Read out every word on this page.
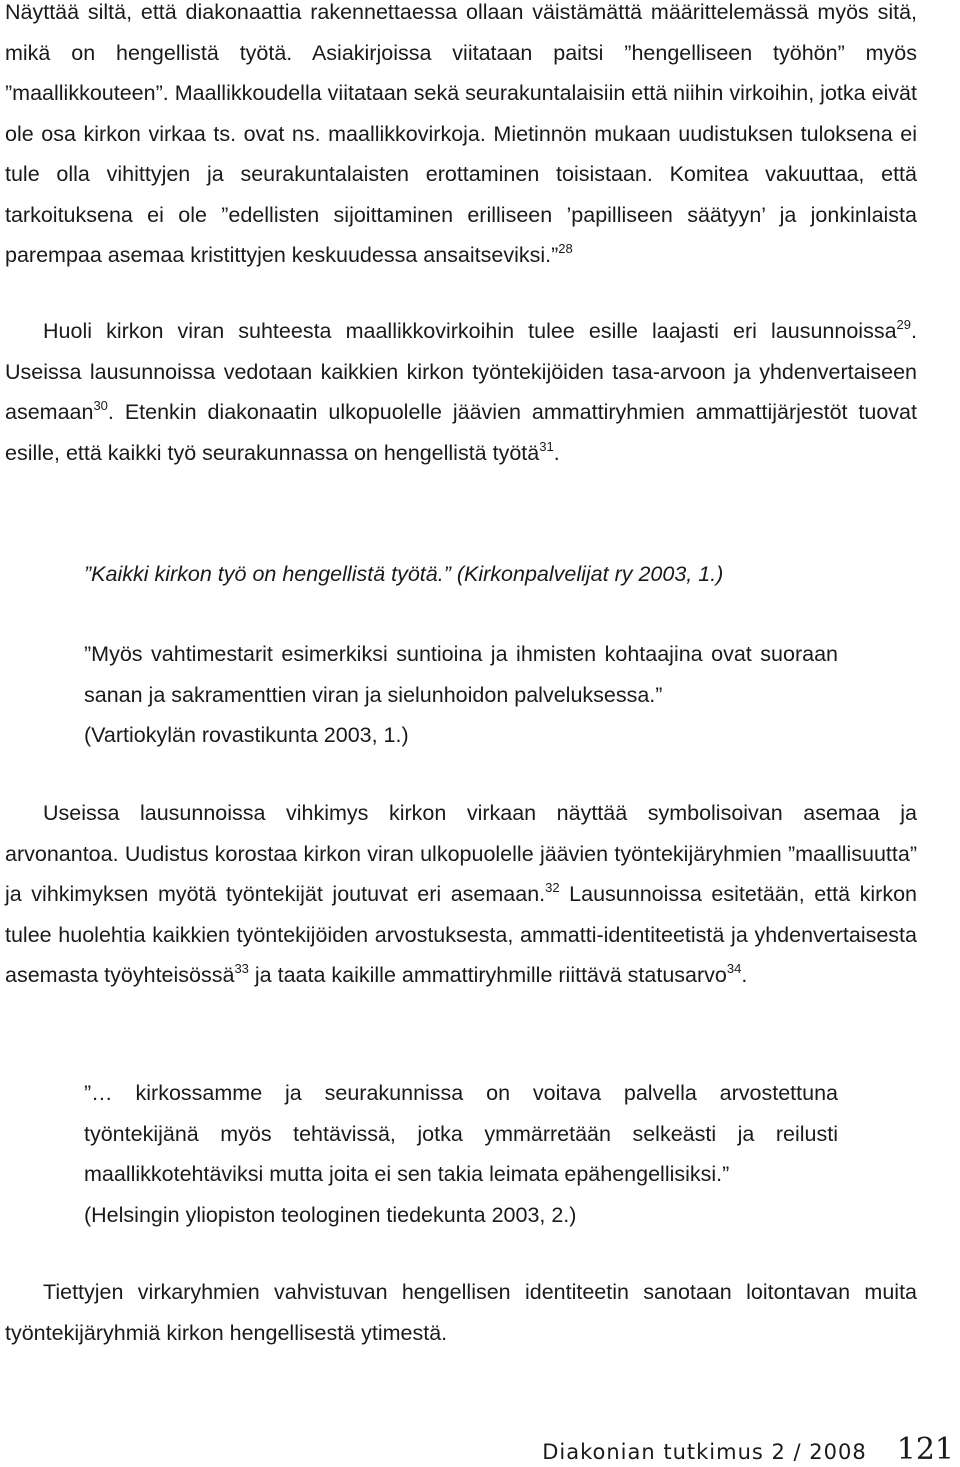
Näyttää siltä, että diakonaattia rakennettaessa ollaan väistämättä määrittelemässä myös sitä, mikä on hengellistä työtä. Asiakirjoissa viitataan paitsi ”hengelliseen työhön” myös ”maallikkouteen”. Maallikkoudella viitataan sekä seurakuntalaisiin että niihin virkoihin, jotka eivät ole osa kirkon virkaa ts. ovat ns. maallikkovirkoja. Mietinnön mukaan uudistuksen tuloksena ei tule olla vihittyjen ja seurakuntalaisten erottaminen toisistaan. Komitea vakuuttaa, että tarkoituksena ei ole ”edellisten sijoittaminen erilliseen ’papilliseen säätyyn’ ja jonkinlaista parempaa asemaa kristittyjen keskuudessa ansaitseviksi.”$^{28}$

Huoli kirkon viran suhteesta maallikkovirkoihin tulee esille laajasti eri lausunnoissa$^{29}$. Useissa lausunnoissa vedotaan kaikkien kirkon työntekijöiden tasa-arvoon ja yhdenvertaiseen asemaan$^{30}$. Etenkin diakonaatin ulkopuolelle jäävien ammattiryhmien ammattijärjestöt tuovat esille, että kaikki työ seurakunnassa on hengellistä työtä$^{31}$.

”Kaikki kirkon työ on hengellistä työtä.” (Kirkonpalvelijat ry 2003, 1.)

”Myös vahtimestarit esimerkiksi suntioina ja ihmisten kohtaajina ovat suoraan sanan ja sakramenttien viran ja sielunhoidon palveluksessa.”
(Vartiokylän rovastikunta 2003, 1.)

Useissa lausunnoissa vihkimys kirkon virkaan näyttää symbolisoivan asemaa ja arvonantoa. Uudistus korostaa kirkon viran ulkopuolelle jäävien työntekijäryhmien ”maallisuutta” ja vihkimyksen myötä työntekijät joutuvat eri asemaan.$^{32}$ Lausunnoissa esitetään, että kirkon tulee huolehtia kaikkien työntekijöiden arvostuksesta, ammatti-identiteetistä ja yhdenvertaisesta asemasta työyhteisössä$^{33}$ ja taata kaikille ammattiryhmille riittävä statusarvo$^{34}$.

”… kirkossamme ja seurakunnissa on voitava palvella arvostettuna työntekijänä myös tehtävissä, jotka ymmärretään selkeästi ja reilusti maallikkotehtäviksi mutta joita ei sen takia leimata epähengellisiksi.”
(Helsingin yliopiston teologinen tiedekunta 2003, 2.)

Tiettyjen virkaryhmien vahvistuvan hengellisen identiteetin sanotaan loitontavan muita työntekijäryhmiä kirkon hengellisestä ytimestä.

Diakonian tutkimus 2 / 2008 121
